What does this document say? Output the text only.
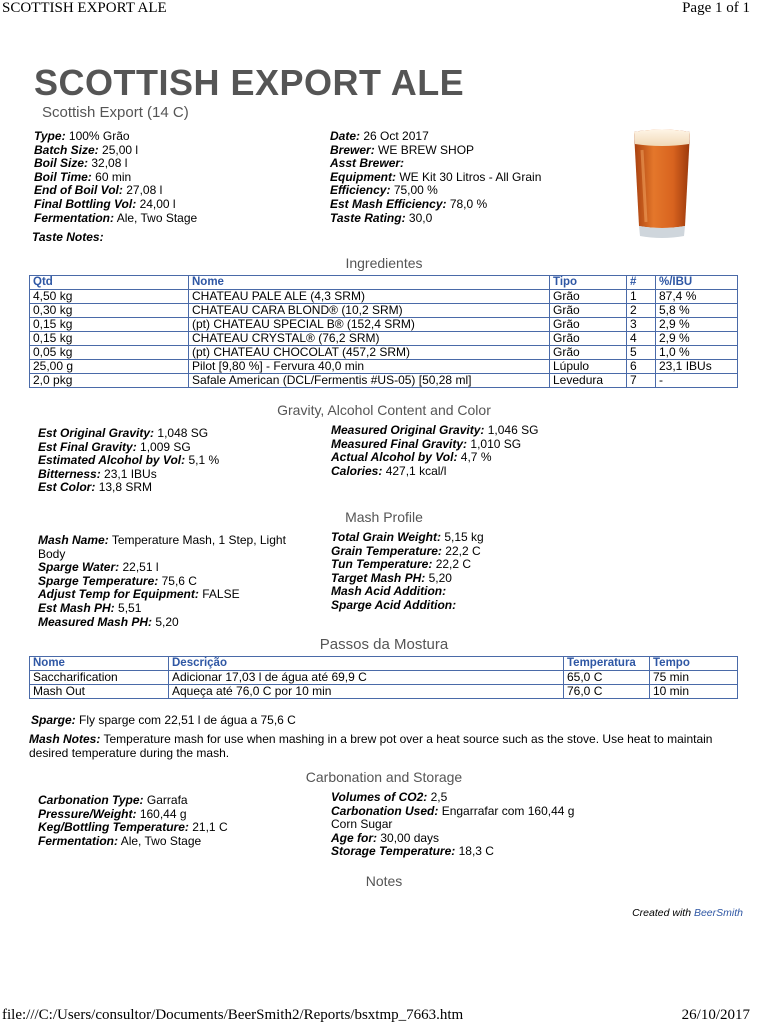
SCOTTISH EXPORT ALE	Page 1 of 1
file:///C:/Users/consultor/Documents/BeerSmith2/Reports/bsxtmp_7663.htm	26/10/2017
SCOTTISH EXPORT ALE
Scottish Export (14 C)
Type: 100% Grão
Batch Size: 25,00 l
Boil Size: 32,08 l
Boil Time: 60 min
End of Boil Vol: 27,08 l
Final Bottling Vol: 24,00 l
Fermentation: Ale, Two Stage
Date: 26 Oct 2017
Brewer: WE BREW SHOP
Asst Brewer:
Equipment: WE Kit 30 Litros - All Grain
Efficiency: 75,00 %
Est Mash Efficiency: 78,0 %
Taste Rating: 30,0
Taste Notes:
Ingredientes
Qtd	Nome	Tipo	#	%/IBU
4,50 kg	CHATEAU PALE ALE (4,3 SRM)	Grão	1	87,4 %
0,30 kg	CHATEAU CARA BLOND® (10,2 SRM)	Grão	2	5,8 %
0,15 kg	(pt) CHATEAU SPECIAL B® (152,4 SRM)	Grão	3	2,9 %
0,15 kg	CHATEAU CRYSTAL® (76,2 SRM)	Grão	4	2,9 %
0,05 kg	(pt) CHATEAU CHOCOLAT (457,2 SRM)	Grão	5	1,0 %
25,00 g	Pilot [9,80 %] - Fervura 40,0 min	Lúpulo	6	23,1 IBUs
2,0 pkg	Safale American (DCL/Fermentis #US-05) [50,28 ml]	Levedura	7	-
Gravity, Alcohol Content and Color
Est Original Gravity: 1,048 SG
Est Final Gravity: 1,009 SG
Estimated Alcohol by Vol: 5,1 %
Bitterness: 23,1 IBUs
Est Color: 13,8 SRM
Measured Original Gravity: 1,046 SG
Measured Final Gravity: 1,010 SG
Actual Alcohol by Vol: 4,7 %
Calories: 427,1 kcal/l
Mash Profile
Mash Name: Temperature Mash, 1 Step, Light Body
Sparge Water: 22,51 l
Sparge Temperature: 75,6 C
Adjust Temp for Equipment: FALSE
Est Mash PH: 5,51
Measured Mash PH: 5,20
Total Grain Weight: 5,15 kg
Grain Temperature: 22,2 C
Tun Temperature: 22,2 C
Target Mash PH: 5,20
Mash Acid Addition:
Sparge Acid Addition:
Passos da Mostura
Nome	Descrição	Temperatura	Tempo
Saccharification	Adicionar 17,03 l de água até 69,9 C	65,0 C	75 min
Mash Out	Aqueça até 76,0 C por 10 min	76,0 C	10 min
Sparge: Fly sparge com 22,51 l de água a 75,6 C
Mash Notes: Temperature mash for use when mashing in a brew pot over a heat source such as the stove. Use heat to maintain desired temperature during the mash.
Carbonation and Storage
Carbonation Type: Garrafa
Pressure/Weight: 160,44 g
Keg/Bottling Temperature: 21,1 C
Fermentation: Ale, Two Stage
Volumes of CO2: 2,5
Carbonation Used: Engarrafar com 160,44 g Corn Sugar
Age for: 30,00 days
Storage Temperature: 18,3 C
Notes
Created with BeerSmith
